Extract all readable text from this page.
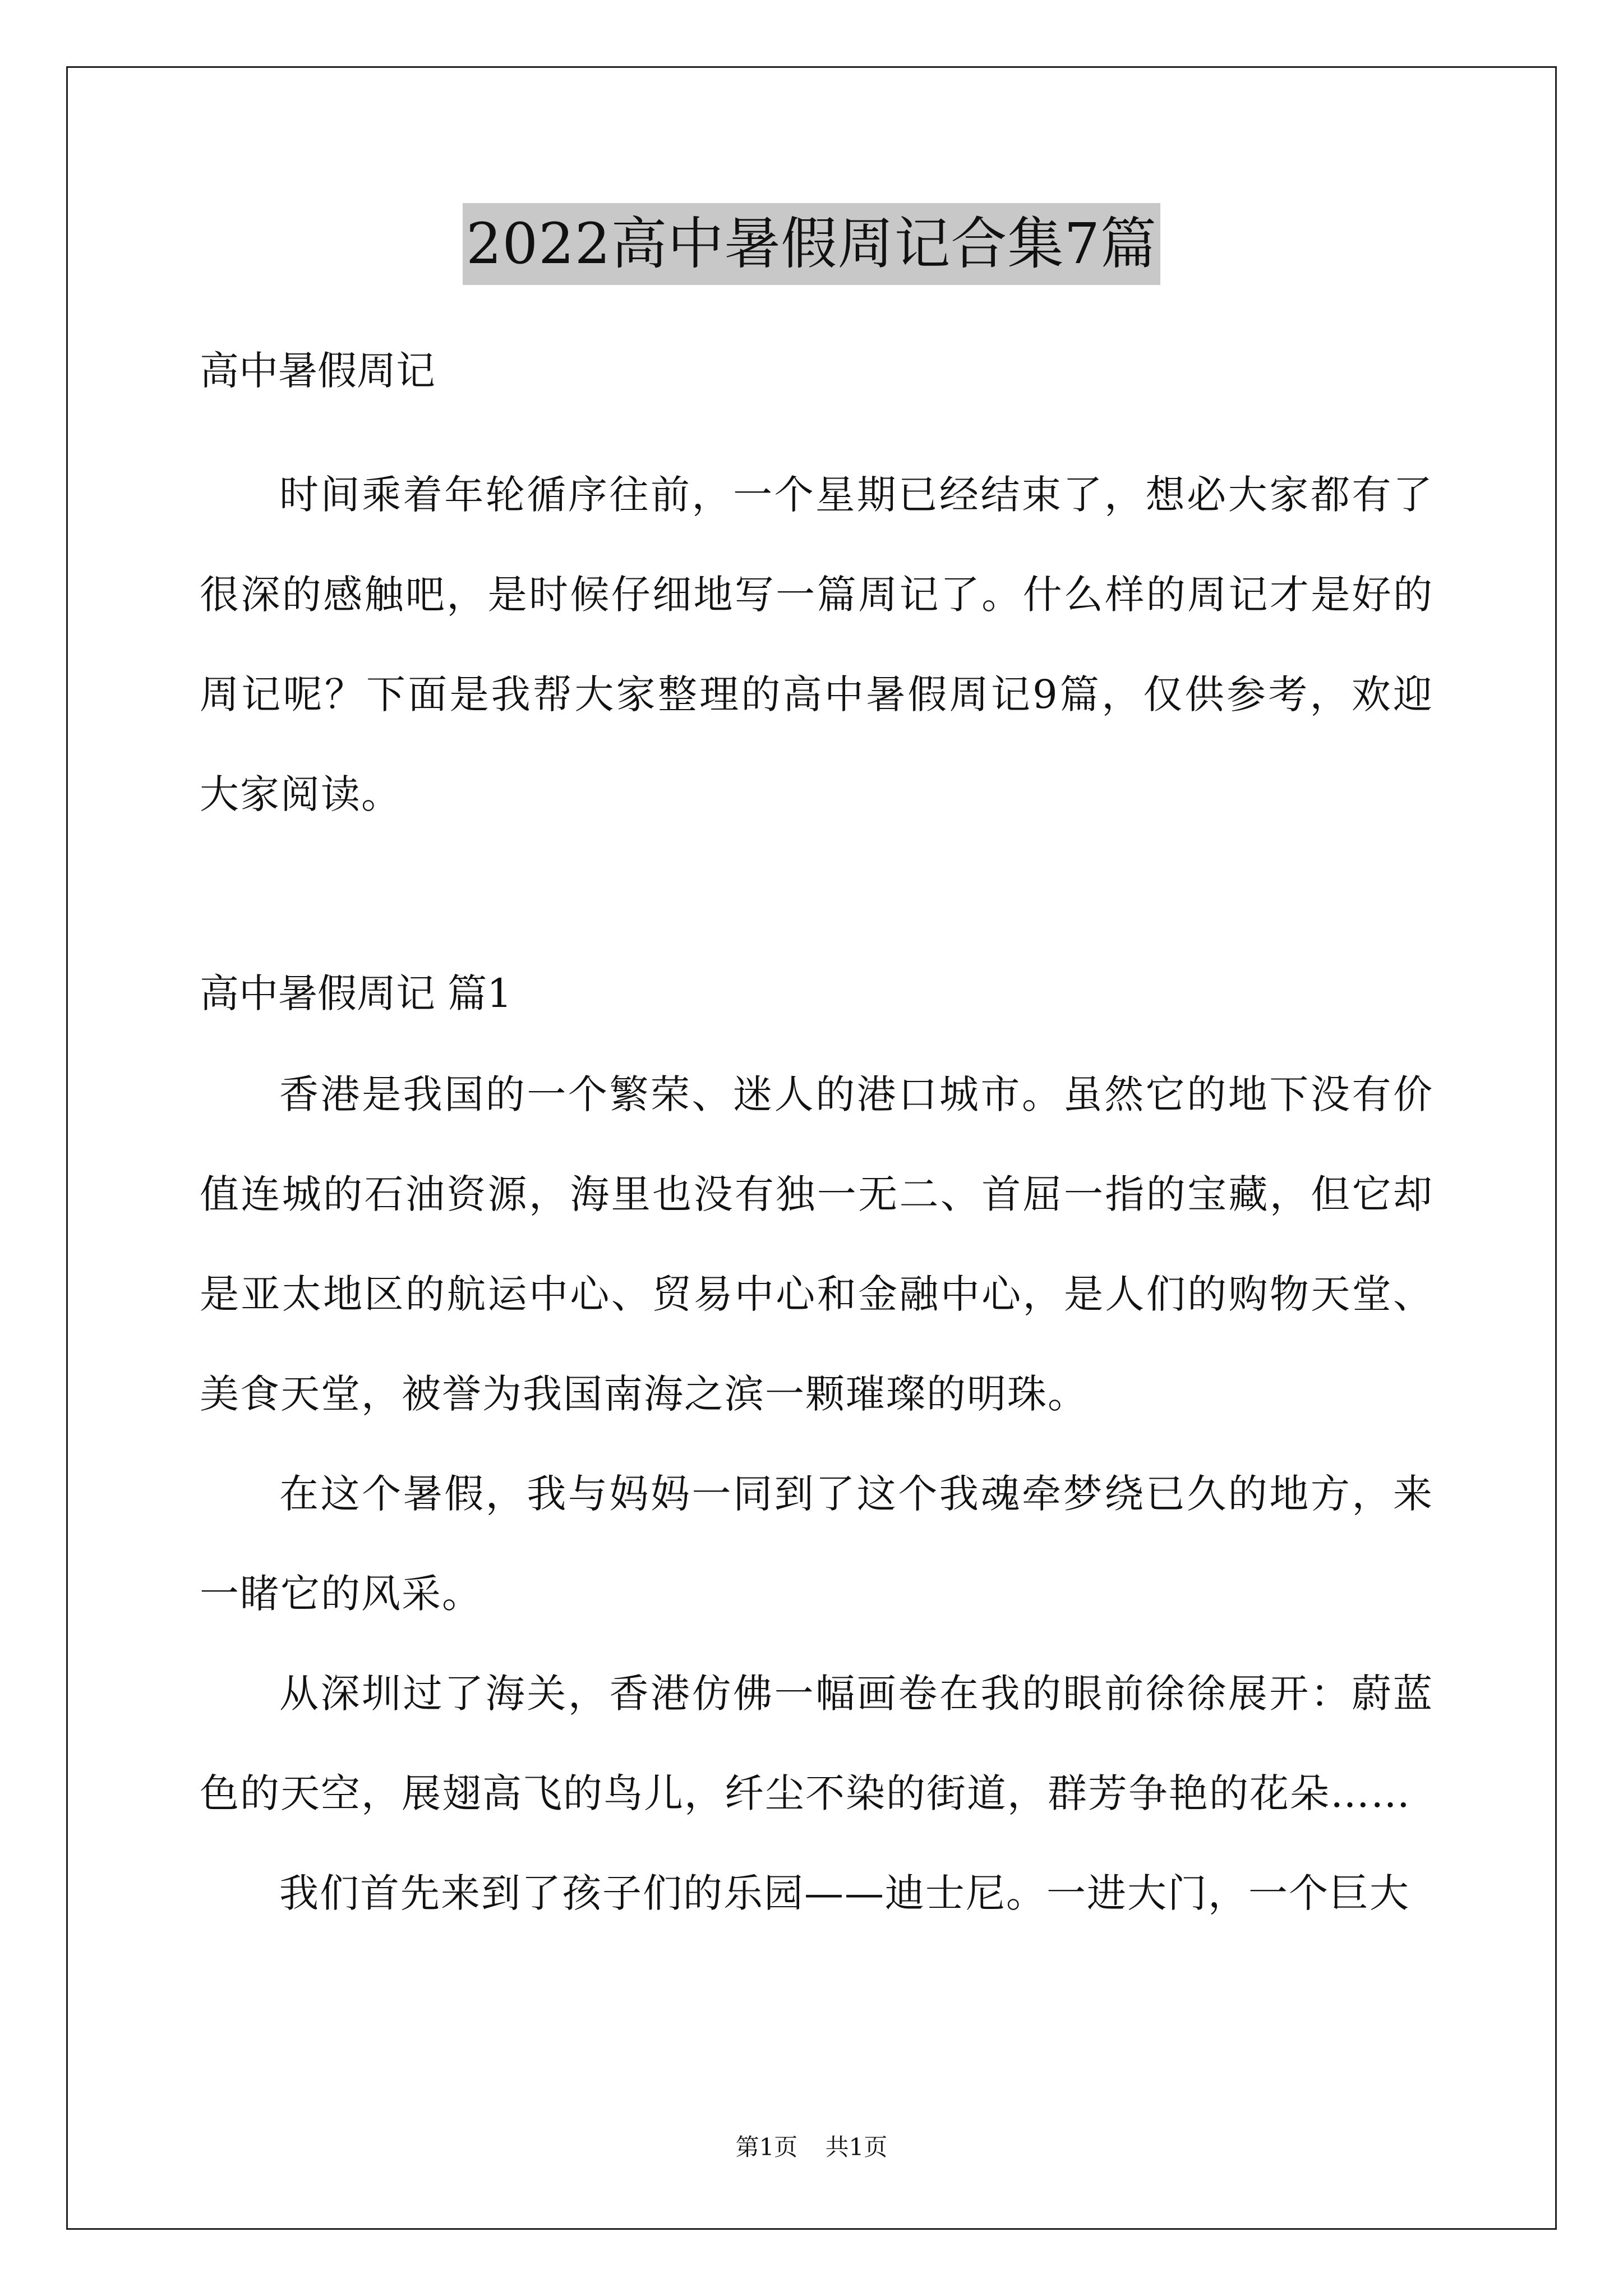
2022高中暑假周记合集7篇

高中暑假周记

时间乘着年轮循序往前，一个星期已经结束了，想必大家都有了很深的感触吧，是时候仔细地写一篇周记了。什么样的周记才是好的周记呢？下面是我帮大家整理的高中暑假周记9篇，仅供参考，欢迎大家阅读。

高中暑假周记 篇1

香港是我国的一个繁荣、迷人的港口城市。虽然它的地下没有价值连城的石油资源，海里也没有独一无二、首屈一指的宝藏，但它却是亚太地区的航运中心、贸易中心和金融中心，是人们的购物天堂、美食天堂，被誉为我国南海之滨一颗璀璨的明珠。

在这个暑假，我与妈妈一同到了这个我魂牵梦绕已久的地方，来一睹它的风采。

从深圳过了海关，香港仿佛一幅画卷在我的眼前徐徐展开：蔚蓝色的天空，展翅高飞的鸟儿，纤尘不染的街道，群芳争艳的花朵……

我们首先来到了孩子们的乐园——迪士尼。一进大门，一个巨大

第1页 共1页
